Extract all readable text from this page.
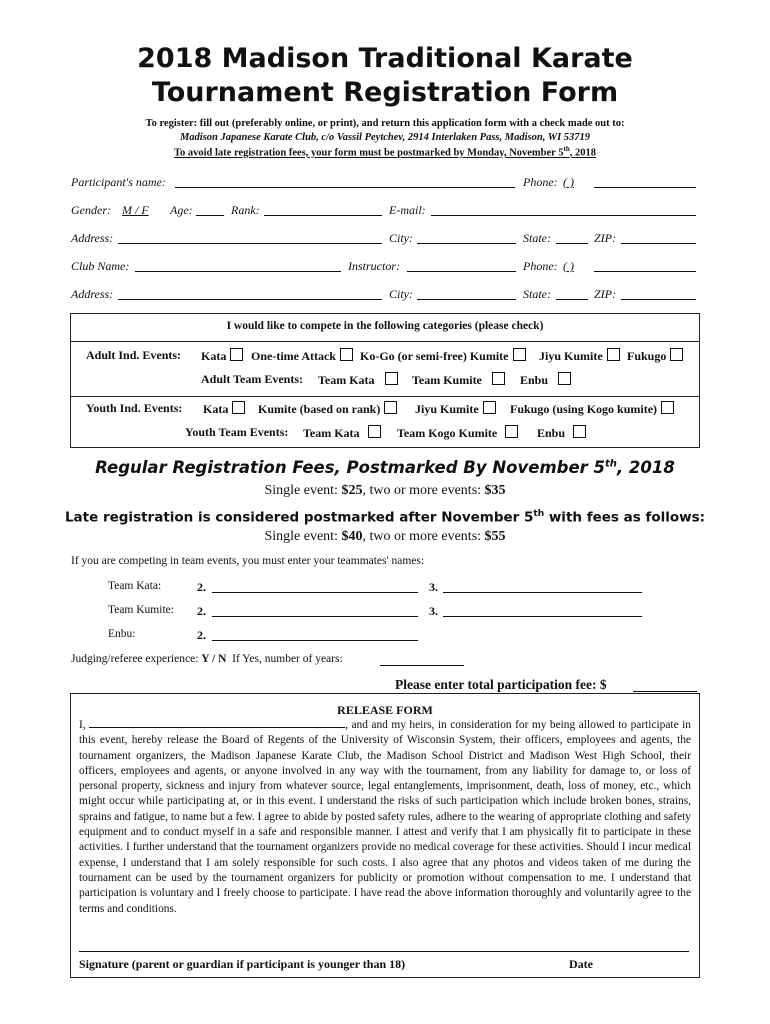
2018 Madison Traditional Karate
Tournament Registration Form
To register: fill out (preferably online, or print), and return this application form with a check made out to:
Madison Japanese Karate Club, c/o Vassil Peytchev, 2914 Interlaken Pass, Madison, WI 53719
To avoid late registration fees, your form must be postmarked by Monday, November 5th, 2018
Participant's name:	Phone: ( )
Gender: M / F Age:	Rank:	E-mail:
Address:	City:	State:	ZIP:
Club Name:	Instructor:	Phone: ( )
Address:	City:	State:	ZIP:
I would like to compete in the following categories (please check)
Adult Ind. Events: Kata	One-time Attack	Ko-Go (or semi-free) Kumite	Jiyu Kumite	Fukugo
Adult Team Events: Team Kata	Team Kumite	Enbu
Youth Ind. Events: Kata	Kumite (based on rank)	Jiyu Kumite	Fukugo (using Kogo kumite)
Youth Team Events: Team Kata	Team Kogo Kumite	Enbu
Regular Registration Fees, Postmarked By November 5th, 2018
Single event: $25, two or more events: $35
Late registration is considered postmarked after November 5th with fees as follows:
Single event: $40, two or more events: $55
If you are competing in team events, you must enter your teammates' names:
Team Kata:	2.	3.
Team Kumite: 2.	3.
Enbu:	2.
Judging/referee experience: Y / N If Yes, number of years:
Please enter total participation fee: $
RELEASE FORM
I,	, and and my heirs, in consideration for my being allowed to participate in this event, hereby release the Board of Regents of the University of Wisconsin System, their officers, employees and agents, the tournament organizers, the Madison Japanese Karate Club, the Madison School District and Madison West High School, their officers, employees and agents, or anyone involved in any way with the tournament, from any liability for damage to, or loss of personal property, sickness and injury from whatever source, legal entanglements, imprisonment, death, loss of money, etc., which might occur while participating at, or in this event. I understand the risks of such participation which include broken bones, strains, sprains and fatigue, to name but a few. I agree to abide by posted safety rules, adhere to the wearing of appropriate clothing and safety equipment and to conduct myself in a safe and responsible manner. I attest and verify that I am physically fit to participate in these activities. I further understand that the tournament organizers provide no medical coverage for these activities. Should I incur medical expense, I understand that I am solely responsible for such costs. I also agree that any photos and videos taken of me during the tournament can be used by the tournament organizers for publicity or promotion without compensation to me. I understand that participation is voluntary and I freely choose to participate. I have read the above information thoroughly and voluntarily agree to the terms and conditions.
Signature (parent or guardian if participant is younger than 18)	Date
